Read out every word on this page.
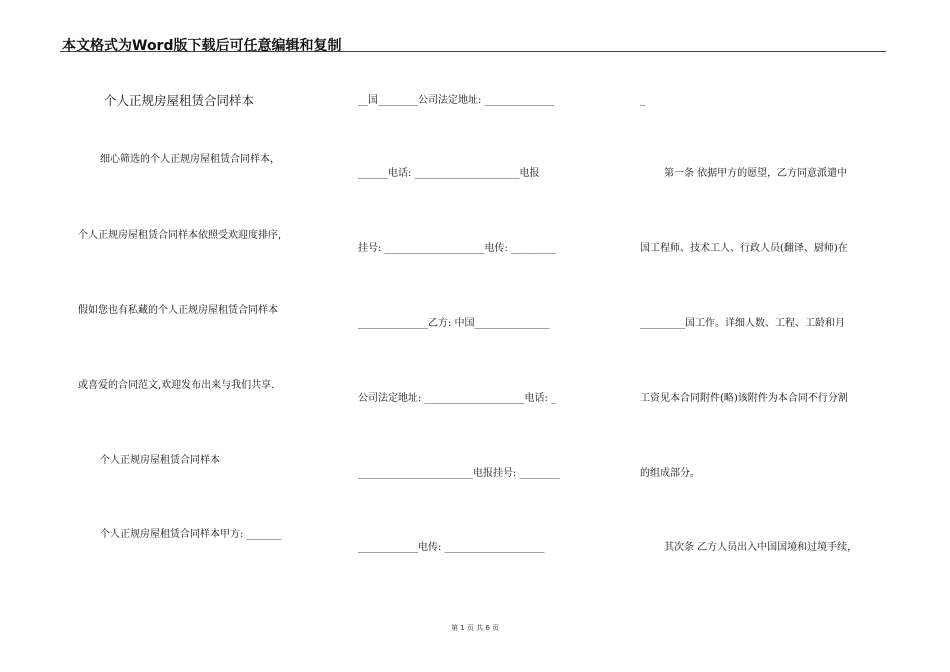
本文格式为Word版下载后可任意编辑和复制
个人正规房屋租赁合同样本
细心筛选的个人正规房屋租赁合同样本，
个人正规房屋租赁合同样本依照受欢迎度排序,
假如您也有私藏的个人正规房屋租赁合同样本
或喜爱的合同范文,欢迎发布出来与我们共享.
个人正规房屋租赁合同样本
个人正规房屋租赁合同样本甲方: _______
__国________公司法定地址: ______________
______电话: _____________________电报
挂号: ____________________电传: _________
______________乙方: 中国_______________
公司法定地址: ____________________电话: _
_______________________电报挂号: ________
____________电传: ____________________
_
第一条 依据甲方的愿望，乙方同意派遣中
国工程师、技术工人、行政人员(翻译、厨师)在
_________国工作。详细人数、工程、工龄和月
工资见本合同附件(略)该附件为本合同不行分割
的组成部分。
其次条 乙方人员出入中国国境和过境手续，
第 1 页 共 6 页
